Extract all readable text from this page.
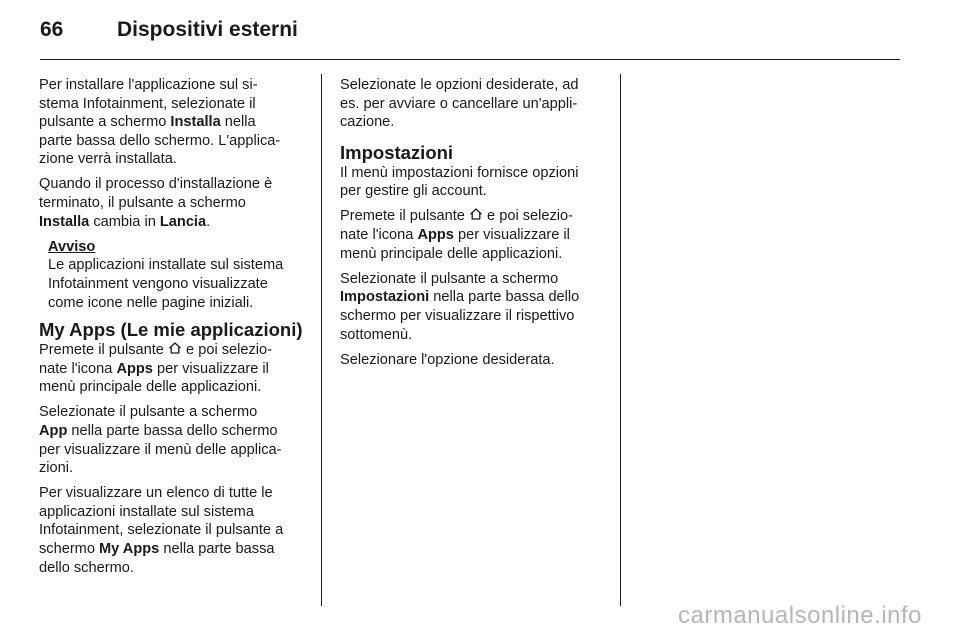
66	Dispositivi esterni

Per installare l'applicazione sul si-
stema Infotainment, selezionate il
pulsante a schermo Installa nella
parte bassa dello schermo. L'applica-
zione verrà installata.

Quando il processo d'installazione è
terminato, il pulsante a schermo
Installa cambia in Lancia.

Avviso

Le applicazioni installate sul sistema
Infotainment vengono visualizzate
come icone nelle pagine iniziali.

My Apps (Le mie applicazioni)

Premete il pulsante  e poi selezio-
nate l'icona Apps per visualizzare il
menù principale delle applicazioni.

Selezionate il pulsante a schermo
App nella parte bassa dello schermo
per visualizzare il menù delle applica-
zioni.

Per visualizzare un elenco di tutte le
applicazioni installate sul sistema
Infotainment, selezionate il pulsante a
schermo My Apps nella parte bassa
dello schermo.

Selezionate le opzioni desiderate, ad
es. per avviare o cancellare un'appli-
cazione.

Impostazioni

Il menù impostazioni fornisce opzioni
per gestire gli account.

Premete il pulsante  e poi selezio-
nate l'icona Apps per visualizzare il
menù principale delle applicazioni.

Selezionate il pulsante a schermo
Impostazioni nella parte bassa dello
schermo per visualizzare il rispettivo
sottomenù.

Selezionare l'opzione desiderata.

carmanualsonline.info
